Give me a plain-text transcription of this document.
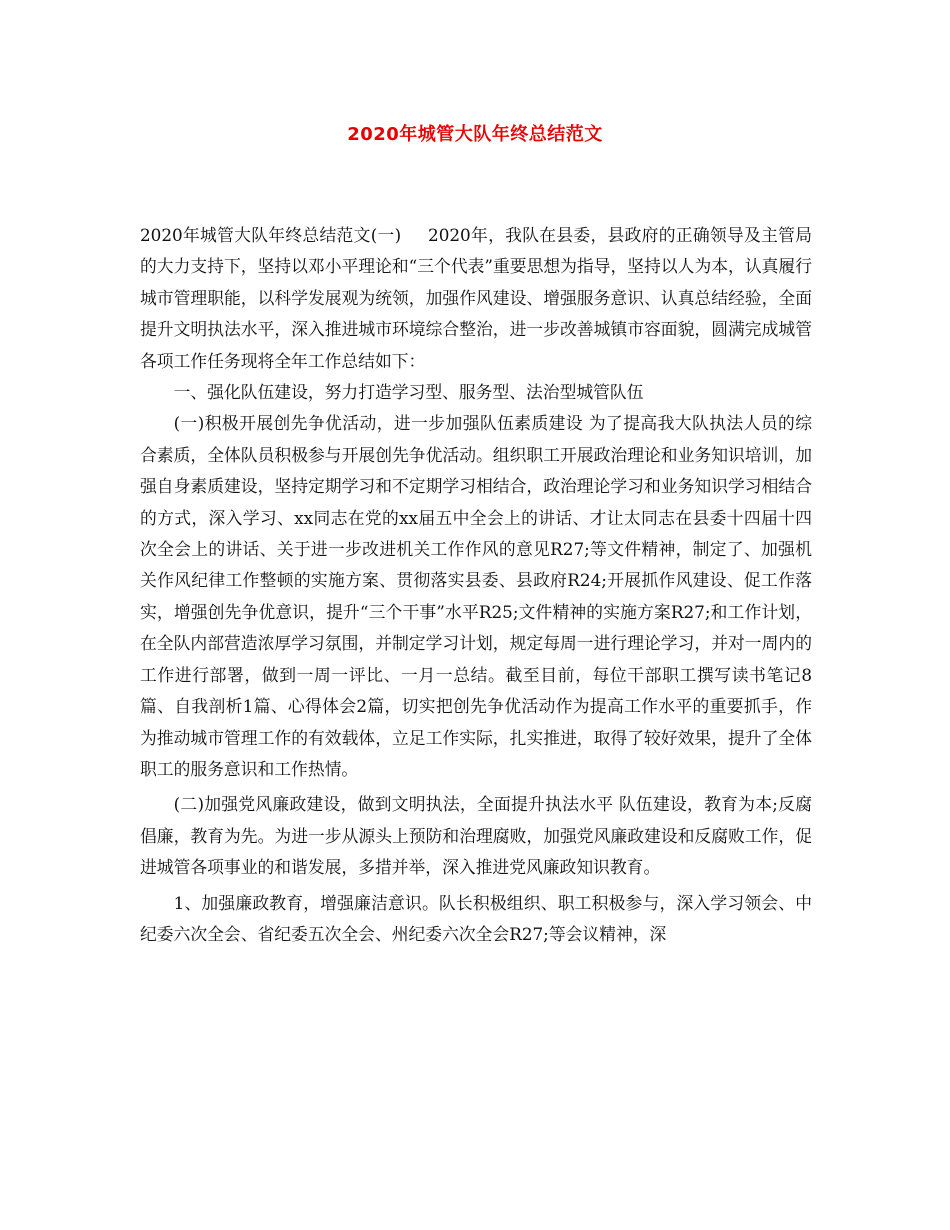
2020年城管大队年终总结范文

2020年城管大队年终总结范文(一) 2020年，我队在县委，县政府的正确领导及主管局的大力支持下，坚持以邓小平理论和“三个代表”重要思想为指导，坚持以人为本，认真履行城市管理职能，以科学发展观为统领，加强作风建设、增强服务意识、认真总结经验，全面提升文明执法水平，深入推进城市环境综合整治，进一步改善城镇市容面貌，圆满完成城管各项工作任务现将全年工作总结如下：

一、强化队伍建设，努力打造学习型、服务型、法治型城管队伍

(一)积极开展创先争优活动，进一步加强队伍素质建设 为了提高我大队执法人员的综合素质，全体队员积极参与开展创先争优活动。组织职工开展政治理论和业务知识培训，加强自身素质建设，坚持定期学习和不定期学习相结合，政治理论学习和业务知识学习相结合的方式，深入学习、xx同志在党的xx届五中全会上的讲话、才让太同志在县委十四届十四次全会上的讲话、关于进一步改进机关工作作风的意见R27;等文件精神，制定了、加强机关作风纪律工作整顿的实施方案、贯彻落实县委、县政府R24;开展抓作风建设、促工作落实，增强创先争优意识，提升“三个干事”水平R25;文件精神的实施方案R27;和工作计划，在全队内部营造浓厚学习氛围，并制定学习计划，规定每周一进行理论学习，并对一周内的工作进行部署，做到一周一评比、一月一总结。截至目前，每位干部职工撰写读书笔记8篇、自我剖析1篇、心得体会2篇，切实把创先争优活动作为提高工作水平的重要抓手，作为推动城市管理工作的有效载体，立足工作实际，扎实推进，取得了较好效果，提升了全体职工的服务意识和工作热情。

(二)加强党风廉政建设，做到文明执法，全面提升执法水平 队伍建设，教育为本;反腐倡廉，教育为先。为进一步从源头上预防和治理腐败，加强党风廉政建设和反腐败工作，促进城管各项事业的和谐发展，多措并举，深入推进党风廉政知识教育。

1、加强廉政教育，增强廉洁意识。队长积极组织、职工积极参与，深入学习领会、中纪委六次全会、省纪委五次全会、州纪委六次全会R27;等会议精神，深
